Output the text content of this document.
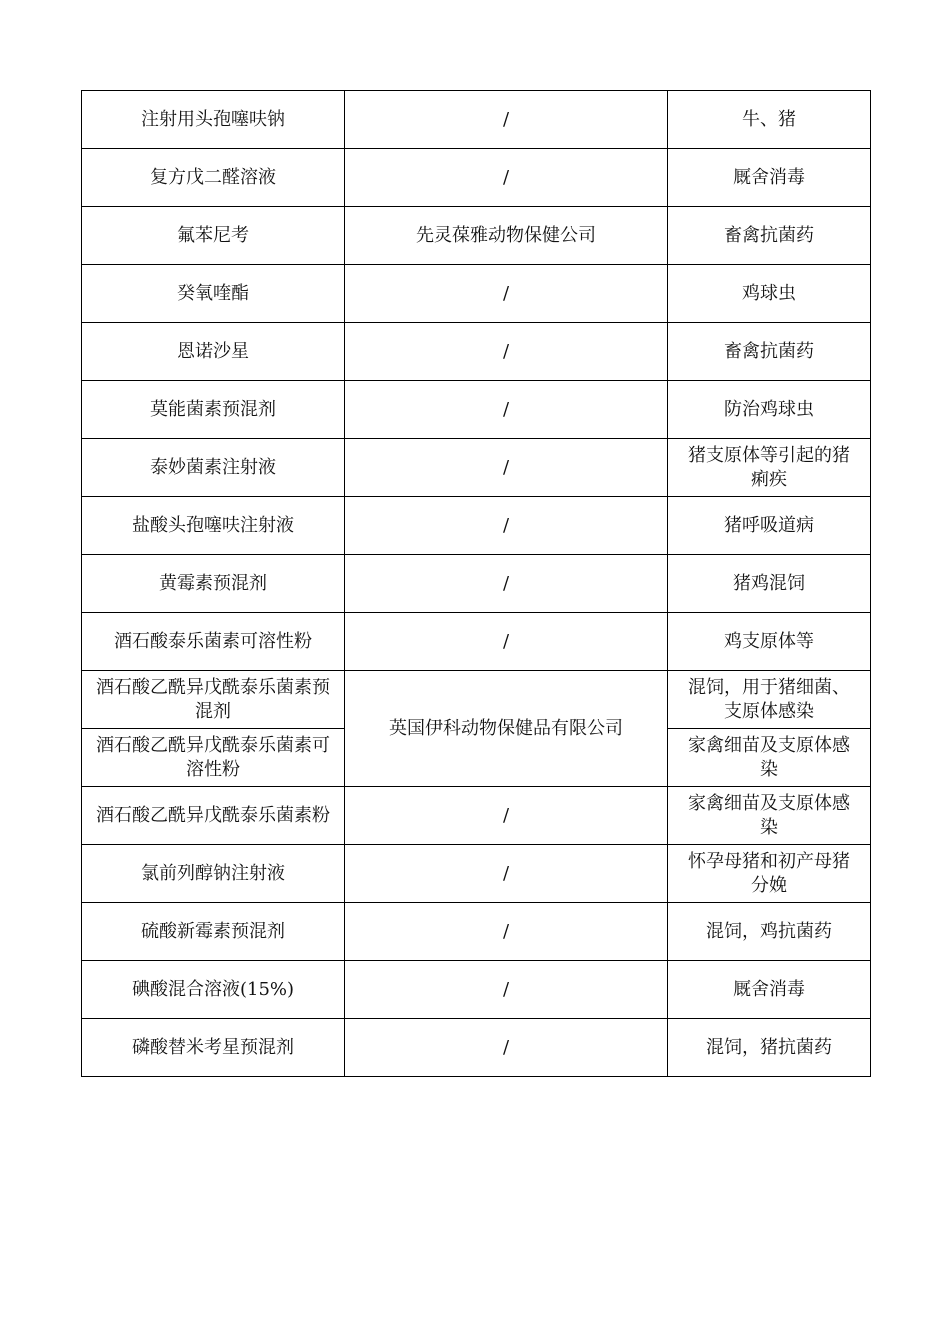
注射用头孢噻呋钠	/	牛、猪
复方戊二醛溶液	/	厩舍消毒
氟苯尼考	先灵葆雅动物保健公司	畜禽抗菌药
癸氧喹酯	/	鸡球虫
恩诺沙星	/	畜禽抗菌药
莫能菌素预混剂	/	防治鸡球虫
泰妙菌素注射液	/	猪支原体等引起的猪痢疾
盐酸头孢噻呋注射液	/	猪呼吸道病
黄霉素预混剂	/	猪鸡混饲
酒石酸泰乐菌素可溶性粉	/	鸡支原体等
酒石酸乙酰异戊酰泰乐菌素预混剂	英国伊科动物保健品有限公司	混饲，用于猪细菌、支原体感染
酒石酸乙酰异戊酰泰乐菌素可溶性粉		家禽细苗及支原体感染
酒石酸乙酰异戊酰泰乐菌素粉	/	家禽细苗及支原体感染
氯前列醇钠注射液	/	怀孕母猪和初产母猪分娩
硫酸新霉素预混剂	/	混饲，鸡抗菌药
碘酸混合溶液(15%)	/	厩舍消毒
磷酸替米考星预混剂	/	混饲，猪抗菌药
